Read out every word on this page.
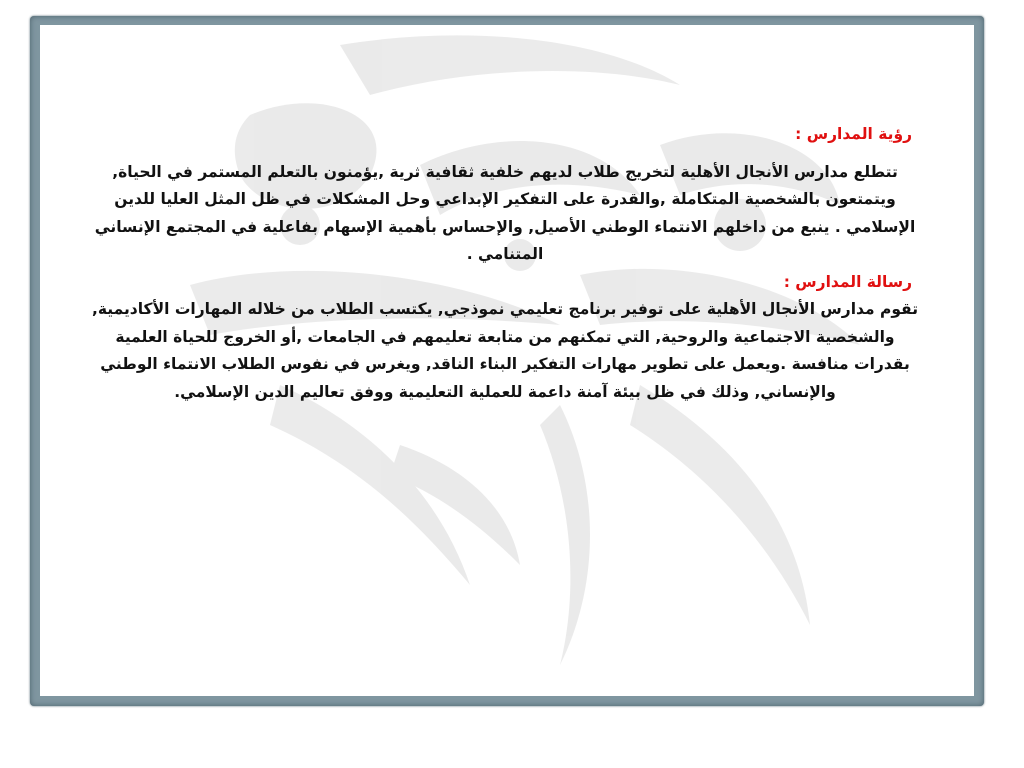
رؤية المدارس :

تتطلع مدارس الأنجال الأهلية لتخريج طلاب لديهم خلفية ثقافية ثرية ,يؤمنون بالتعلم المستمر في الحياة, ويتمتعون بالشخصية المتكاملة ,والقدرة على التفكير الإبداعي وحل المشكلات في ظل المثل العليا للدين الإسلامي . ينبع من داخلهم الانتماء الوطني الأصيل, والإحساس بأهمية الإسهام بفاعلية في المجتمع الإنساني المتنامي .

رسالة المدارس :

تقوم مدارس الأنجال الأهلية على توفير برنامج تعليمي نموذجي, يكتسب الطلاب من خلاله المهارات الأكاديمية, والشخصية الاجتماعية والروحية, التي تمكنهم من متابعة تعليمهم في الجامعات ,أو الخروج للحياة العلمية بقدرات منافسة .ويعمل على تطوير مهارات التفكير البناء الناقد, ويغرس في نفوس الطلاب الانتماء الوطني والإنساني, وذلك في ظل بيئة آمنة داعمة للعملية التعليمية ووفق تعاليم الدين الإسلامي.
